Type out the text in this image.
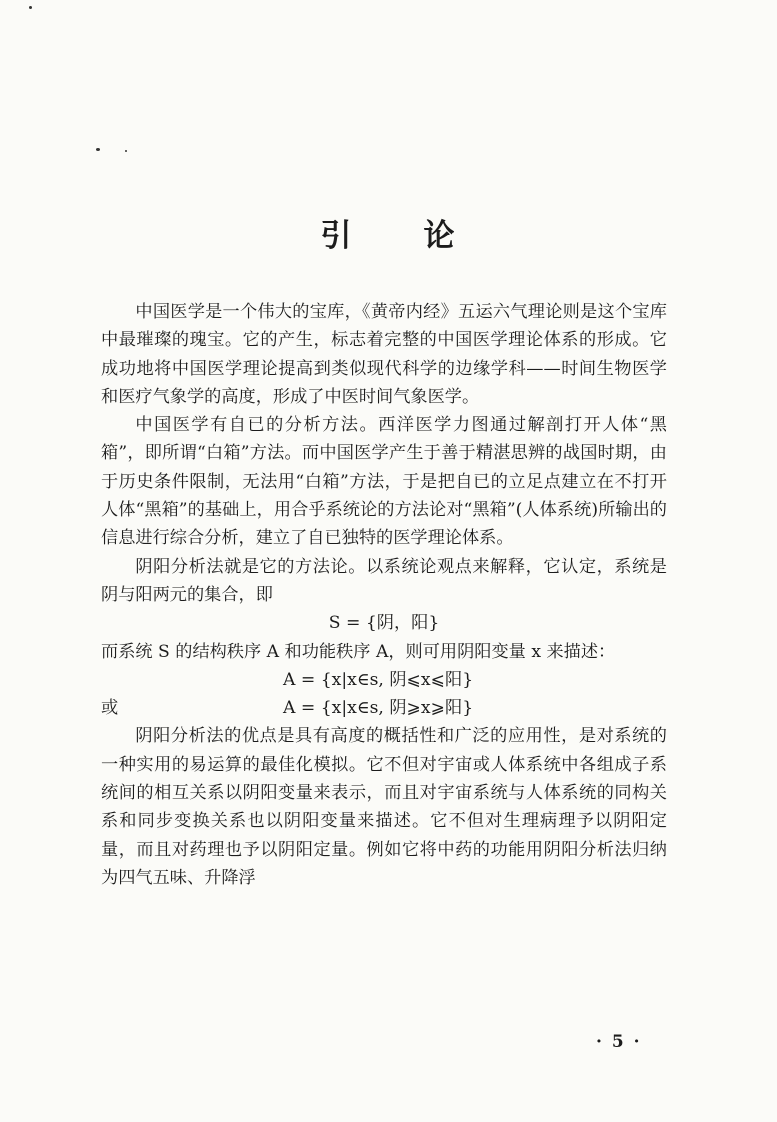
引 论

中国医学是一个伟大的宝库，《黄帝内经》五运六气理论则是这个宝库中最璀璨的瑰宝。它的产生，标志着完整的中国医学理论体系的形成。它成功地将中国医学理论提高到类似现代科学的边缘学科——时间生物医学和医疗气象学的高度，形成了中医时间气象医学。

中国医学有自已的分析方法。西洋医学力图通过解剖打开人体“黑箱”，即所谓“白箱”方法。而中国医学产生于善于精湛思辨的战国时期，由于历史条件限制，无法用“白箱”方法，于是把自已的立足点建立在不打开人体“黑箱”的基础上，用合乎系统论的方法论对“黑箱”(人体系统)所输出的信息进行综合分析，建立了自已独特的医学理论体系。

阴阳分析法就是它的方法论。以系统论观点来解释，它认定，系统是阴与阳两元的集合，即

S = {阴，阳}

而系统 S 的结构秩序 A 和功能秩序 A，则可用阴阳变量 x 来描述：

A = {x|x∈s, 阴⩽x⩽阳}

或	A = {x|x∈s, 阴⩾x⩾阳}

阴阳分析法的优点是具有高度的概括性和广泛的应用性，是对系统的一种实用的易运算的最佳化模拟。它不但对宇宙或人体系统中各组成子系统间的相互关系以阴阳变量来表示，而且对宇宙系统与人体系统的同构关系和同步变换关系也以阴阳变量来描述。它不但对生理病理予以阴阳定量，而且对药理也予以阴阳定量。例如它将中药的功能用阴阳分析法归纳为四气五味、升降浮

· 5 ·
